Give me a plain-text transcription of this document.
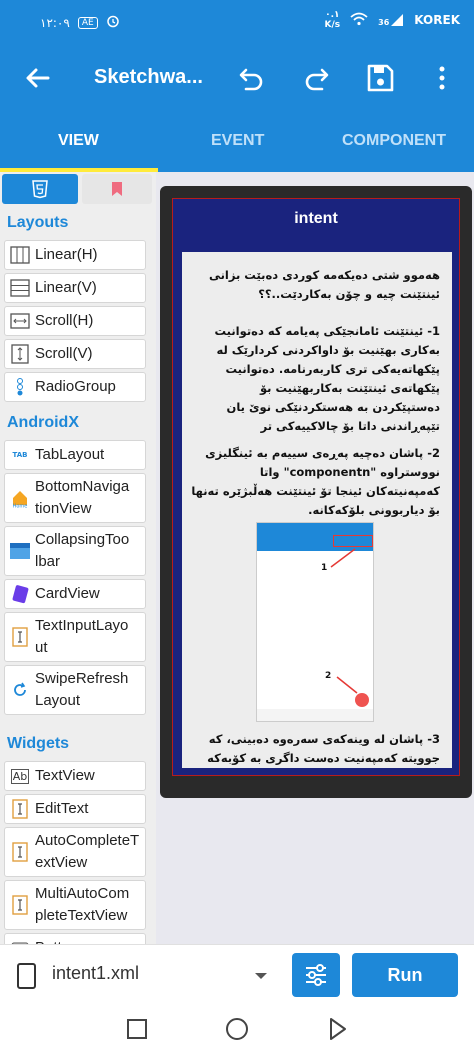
١٢:٠٩	AE
٠.١
K/s	36 KOREK
Sketchwa...
VIEW	EVENT	COMPONENT
Layouts
Linear(H)
Linear(V)
Scroll(H)
Scroll(V)
RadioGroup
AndroidX
TAB TabLayout
Home
BottomNaviga
tionView
CollapsingToo
lbar
CardView
TextInputLayo
ut
SwipeRefresh
Layout
Widgets
Ab TextView
EditText
AutoCompleteT
extView
MultiAutoCom
pleteTextView
intent
هەموو شتی دەیکەمە کوردی دەبێت بزانی ئینتێنت چیە و چۆن بەکاردێت..؟؟
1- ئینتێنت ئامانجێکی پەیامە کە دەتوانیت بەکاری بهێنیت بۆ داواکردنی کردارێک لە پێکهاتەیەکی تری کاربەرنامە. دەتوانیت پێکهاتەی ئینتێنت بەکاربهێنیت بۆ دەستپێکردن بە هەستکردنێکی نوێ یان تێپەڕاندنی داتا بۆ چالاکییەکی تر
2- پاشان دەچیە پەڕەی سییەم بە ئینگلیزی نووستراوە "componentn" واتا کەمپەنیتەکان ئینجا تۆ ئینتێنت هەڵبژێرە تەنها بۆ دیاربوونی بلۆکەکانە.
3- پاشان لە وینەکەی سەرەوە دەبینی، کە جوویتە کەمپەنیت دەست داگری بە کۆبەکە
1
2
intent1.xml	Run
